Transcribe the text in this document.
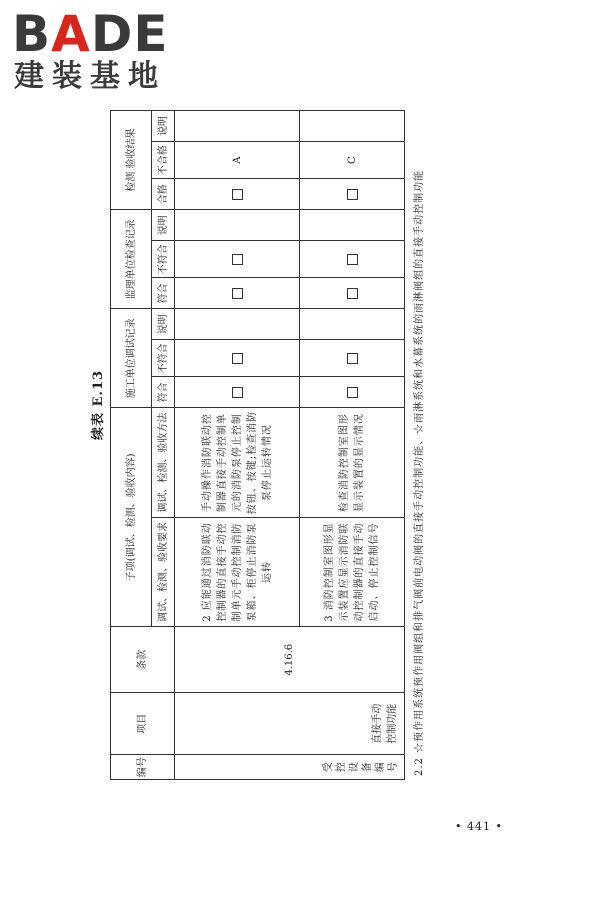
BADE
建装基地
续表 E.13
编号	项目	条款	子项(调试、检测、验收内容)		施工单位调试记录			监理单位检查记录			检测 验收结果		
			调试、检测、验收要求	调试、检测、验收方法	符合	不符合	说明	符合	不符合	说明	合格	不合格	说明
受控设备编号	直接手动控制功能	4.16.6	2 应能通过消防联动控制器的直接手动控制单元手动控制消防泵箱、柜停止消防泵运转	手动操作消防联动控制器直接手动控制单元的消防泵停止控制按钮、按键;检查消防泵停止运转情况								A	
			3 消防控制室图形显示装置应显示消防联动控制器的直接手动启动、停止控制信号	检查消防控制室图形显示装置的显示情况								C	
2.2 ☆预作用系统预作用阀组和排气阀前电动阀的直接手动控制功能、☆雨淋系统和水幕系统的雨淋阀组的直接手动控制功能
• 441 •
